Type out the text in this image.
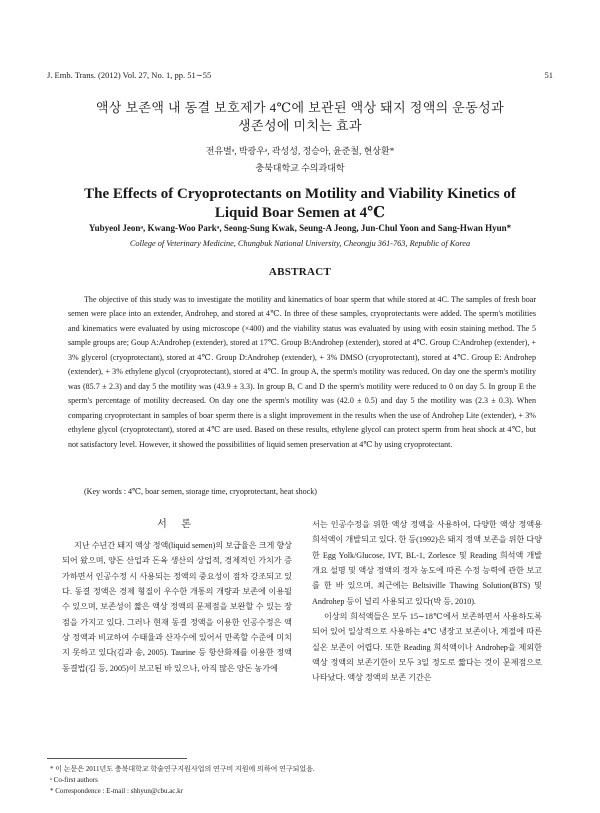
J. Emb. Trans. (2012) Vol. 27, No. 1, pp. 51∼55	51
액상 보존액 내 동결 보호제가 4℃에 보관된 액상 돼지 정액의 운동성과
생존성에 미치는 효과
전유별ᵃ, 박광우ᵃ, 곽성성, 정승아, 윤준철, 현상환*
충북대학교 수의과대학
The Effects of Cryoprotectants on Motility and Viability Kinetics of
Liquid Boar Semen at 4℃
Yubyeol Jeonᵃ, Kwang-Woo Parkᵃ, Seong-Sung Kwak, Seung-A Jeong, Jun-Chul Yoon and Sang-Hwan Hyun*
College of Veterinary Medicine, Chungbuk National University, Cheongju 361-763, Republic of Korea
ABSTRACT

The objective of this study was to investigate the motility and kinematics of boar sperm that while stored at 4C. The samples of fresh boar semen were place into an extender, Androhep, and stored at 4℃. In three of these samples, cryoprotectants were added. The sperm's motilities and kinematics were evaluated by using microscope (×400) and the viability status was evaluated by using with eosin staining method. The 5 sample groups are; Goup A:Androhep (extender), stored at 17℃. Group B:Androhep (extender), stored at 4℃. Group C:Androhep (extender), + 3% glycerol (cryoprotectant), stored at 4℃. Group D:Androhep (extender), + 3% DMSO (cryoprotectant), stored at 4℃. Group E: Androhep (extender), + 3% ethylene glycol (cryoprotectant), stored at 4℃. In group A, the sperm's motility was reduced. On day one the sperm's motility was (85.7 ± 2.3) and day 5 the motility was (43.9 ± 3.3). In group B, C and D the sperm's motility were reduced to 0 on day 5. In group E the sperm's percentage of motility decreased. On day one the sperm's motility was (42.0 ± 0.5) and day 5 the motility was (2.3 ± 0.3). When comparing cryoprotectant in samples of boar sperm there is a slight improvement in the results when the use of Androhep Lite (extender), + 3% ethylene glycol (cryoprotectant), stored at 4℃ are used. Based on these results, ethylene glycol can protect sperm from heat shock at 4℃, but not satisfactory level. However, it showed the possibilities of liquid semen preservation at 4℃ by using cryoprotectant.

(Key words : 4℃, boar semen, storage time, cryoprotectant, heat shock)
서 론

지난 수년간 돼지 액상 정액(liquid semen)의 보급율은 크게 향상되어 왔으며, 양돈 산업과 돈육 생산의 상업적, 경제적인 가치가 증가하면서 인공수정 시 사용되는 정액의 중요성이 점차 강조되고 있다. 동결 정액은 경제 형질이 우수한 개통의 개량과 보존에 이용될 수 있으며, 보존성이 짧은 액상 정액의 문제점을 보완할 수 있는 장점을 가지고 있다. 그러나 현재 동결 정액을 이용한 인공수정은 액상 정액과 비교하여 수태율과 산자수에 있어서 만족할 수준에 미치지 못하고 있다(김과 송, 2005). Taurine 등 항산화제를 이용한 정액 동결법(김 등, 2005)이 보고된 바 있으나, 아직 많은 양돈 농가에

서는 인공수정을 위한 액상 정액을 사용하여, 다양한 액상 정액용 희석액이 개발되고 있다. 한 등(1992)은 돼지 정액 보존을 위한 다양한 Egg Yolk/Glucose, IVT, BL-1, Zorlesce 및 Reading 희석액 개발 개요 설명 및 액상 정액의 정자 농도에 따른 수정 능력에 관한 보고를 한 바 있으며, 최근에는 Beltsiville Thawing Solution(BTS) 및 Androhep 등이 널리 사용되고 있다(박 등, 2010).

이상의 희석액들은 모두 15∼18℃에서 보존하면서 사용하도록 되어 있어 일상적으로 사용하는 4℃ 냉장고 보존이나, 계절에 따른 실온 보존이 어렵다. 또한 Reading 희석액이나 Androhep을 제외한 액상 정액의 보존기한이 모두 3일 정도로 짧다는 것이 문제점으로 나타났다. 액상 정액의 보존 기간은

* 이 논문은 2011년도 충북대학교 학술연구지원사업의 연구비 지원에 의하여 연구되었음.
ᵃ Co-first authors
* Correspondence : E-mail : shhyun@cbu.ac.kr
